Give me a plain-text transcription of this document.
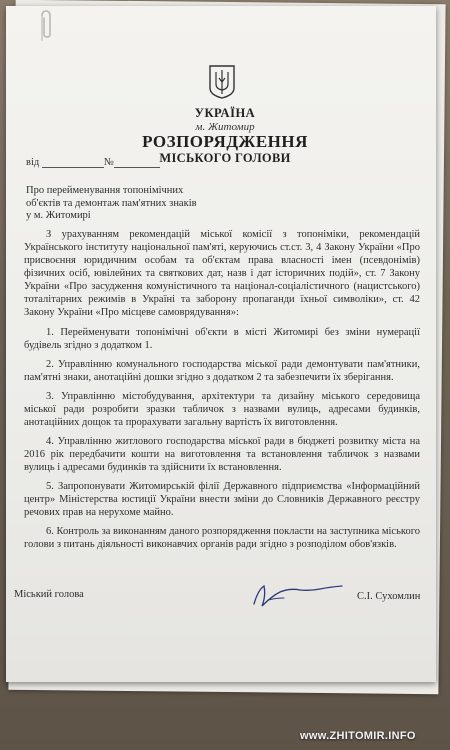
УКРАЇНА
м. Житомир
РОЗПОРЯДЖЕННЯ
МІСЬКОГО ГОЛОВИ
від	№
Про перейменування топонімічних
об'єктів та демонтаж пам'ятних знаків
у м. Житомирі

З урахуванням рекомендацій міської комісії з топоніміки, рекомендацій Українського інституту національної пам'яті, керуючись ст.ст. 3, 4 Закону України «Про присвоєння юридичним особам та об'єктам права власності імен (псевдонімів) фізичних осіб, ювілейних та святкових дат, назв і дат історичних подій», ст. 7 Закону України «Про засудження комуністичного та націонал-соціалістичного (нацистського) тоталітарних режимів в Україні та заборону пропаганди їхньої символіки», ст. 42 Закону України «Про місцеве самоврядування»:

1. Перейменувати топонімічні об'єкти в місті Житомирі без зміни нумерації будівель згідно з додатком 1.

2. Управлінню комунального господарства міської ради демонтувати пам'ятники, пам'ятні знаки, анотаційні дошки згідно з додатком 2 та забезпечити їх зберігання.

3. Управлінню містобудування, архітектури та дизайну міського середовища міської ради розробити зразки табличок з назвами вулиць, адресами будинків, анотаційних дощок та прорахувати загальну вартість їх виготовлення.

4. Управлінню житлового господарства міської ради в бюджеті розвитку міста на 2016 рік передбачити кошти на виготовлення та встановлення табличок з назвами вулиць і адресами будинків та здійснити їх встановлення.

5. Запропонувати Житомирській філії Державного підприємства «Інформаційний центр» Міністерства юстиції України внести зміни до Словників Державного реєстру речових прав на нерухоме майно.

6. Контроль за виконанням даного розпорядження покласти на заступника міського голови з питань діяльності виконавчих органів ради згідно з розподілом обов'язків.

Міський голова	С.І. Сухомлин
www.ZHITOMIR.INFO
